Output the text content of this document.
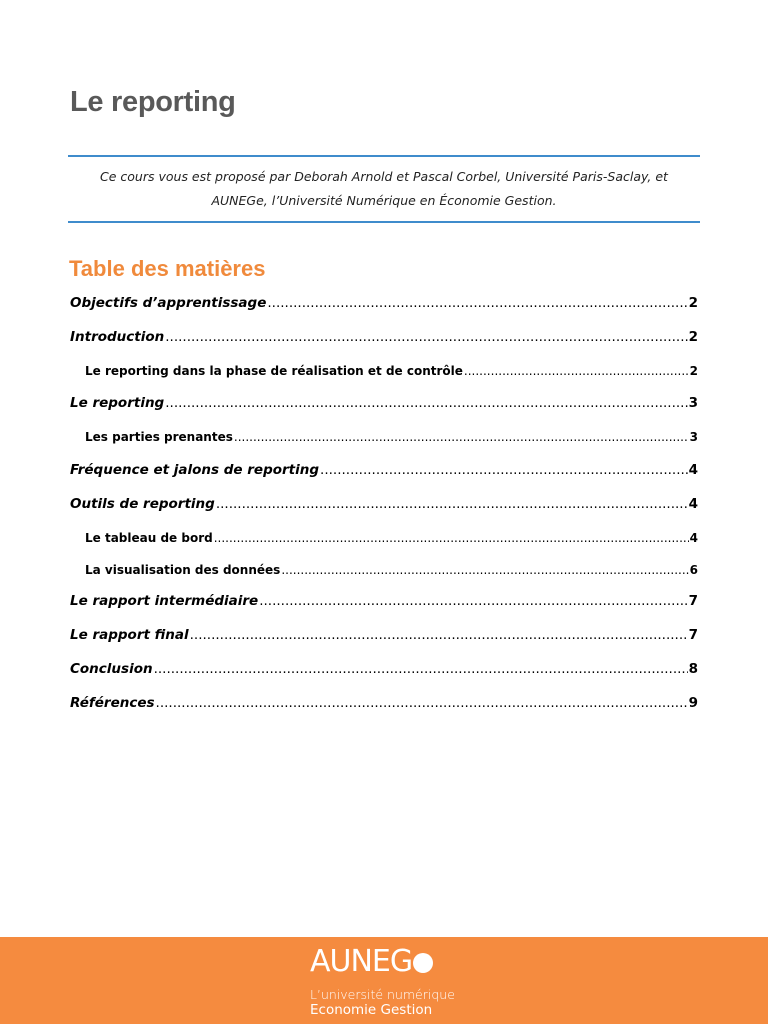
Le reporting

Ce cours vous est proposé par Deborah Arnold et Pascal Corbel, Université Paris-Saclay, et AUNEGe, l’Université Numérique en Économie Gestion.

Table des matières
Objectifs d’apprentissage .....	2
Introduction .....	2
Le reporting dans la phase de réalisation et de contrôle .....	2
Le reporting .....	3
Les parties prenantes .....	3
Fréquence et jalons de reporting .....	4
Outils de reporting .....	4
Le tableau de bord .....	4
La visualisation des données .....	6
Le rapport intermédiaire .....	7
Le rapport final .....	7
Conclusion .....	8
Références .....	9
AUNEG
L’université numérique
Economie Gestion
